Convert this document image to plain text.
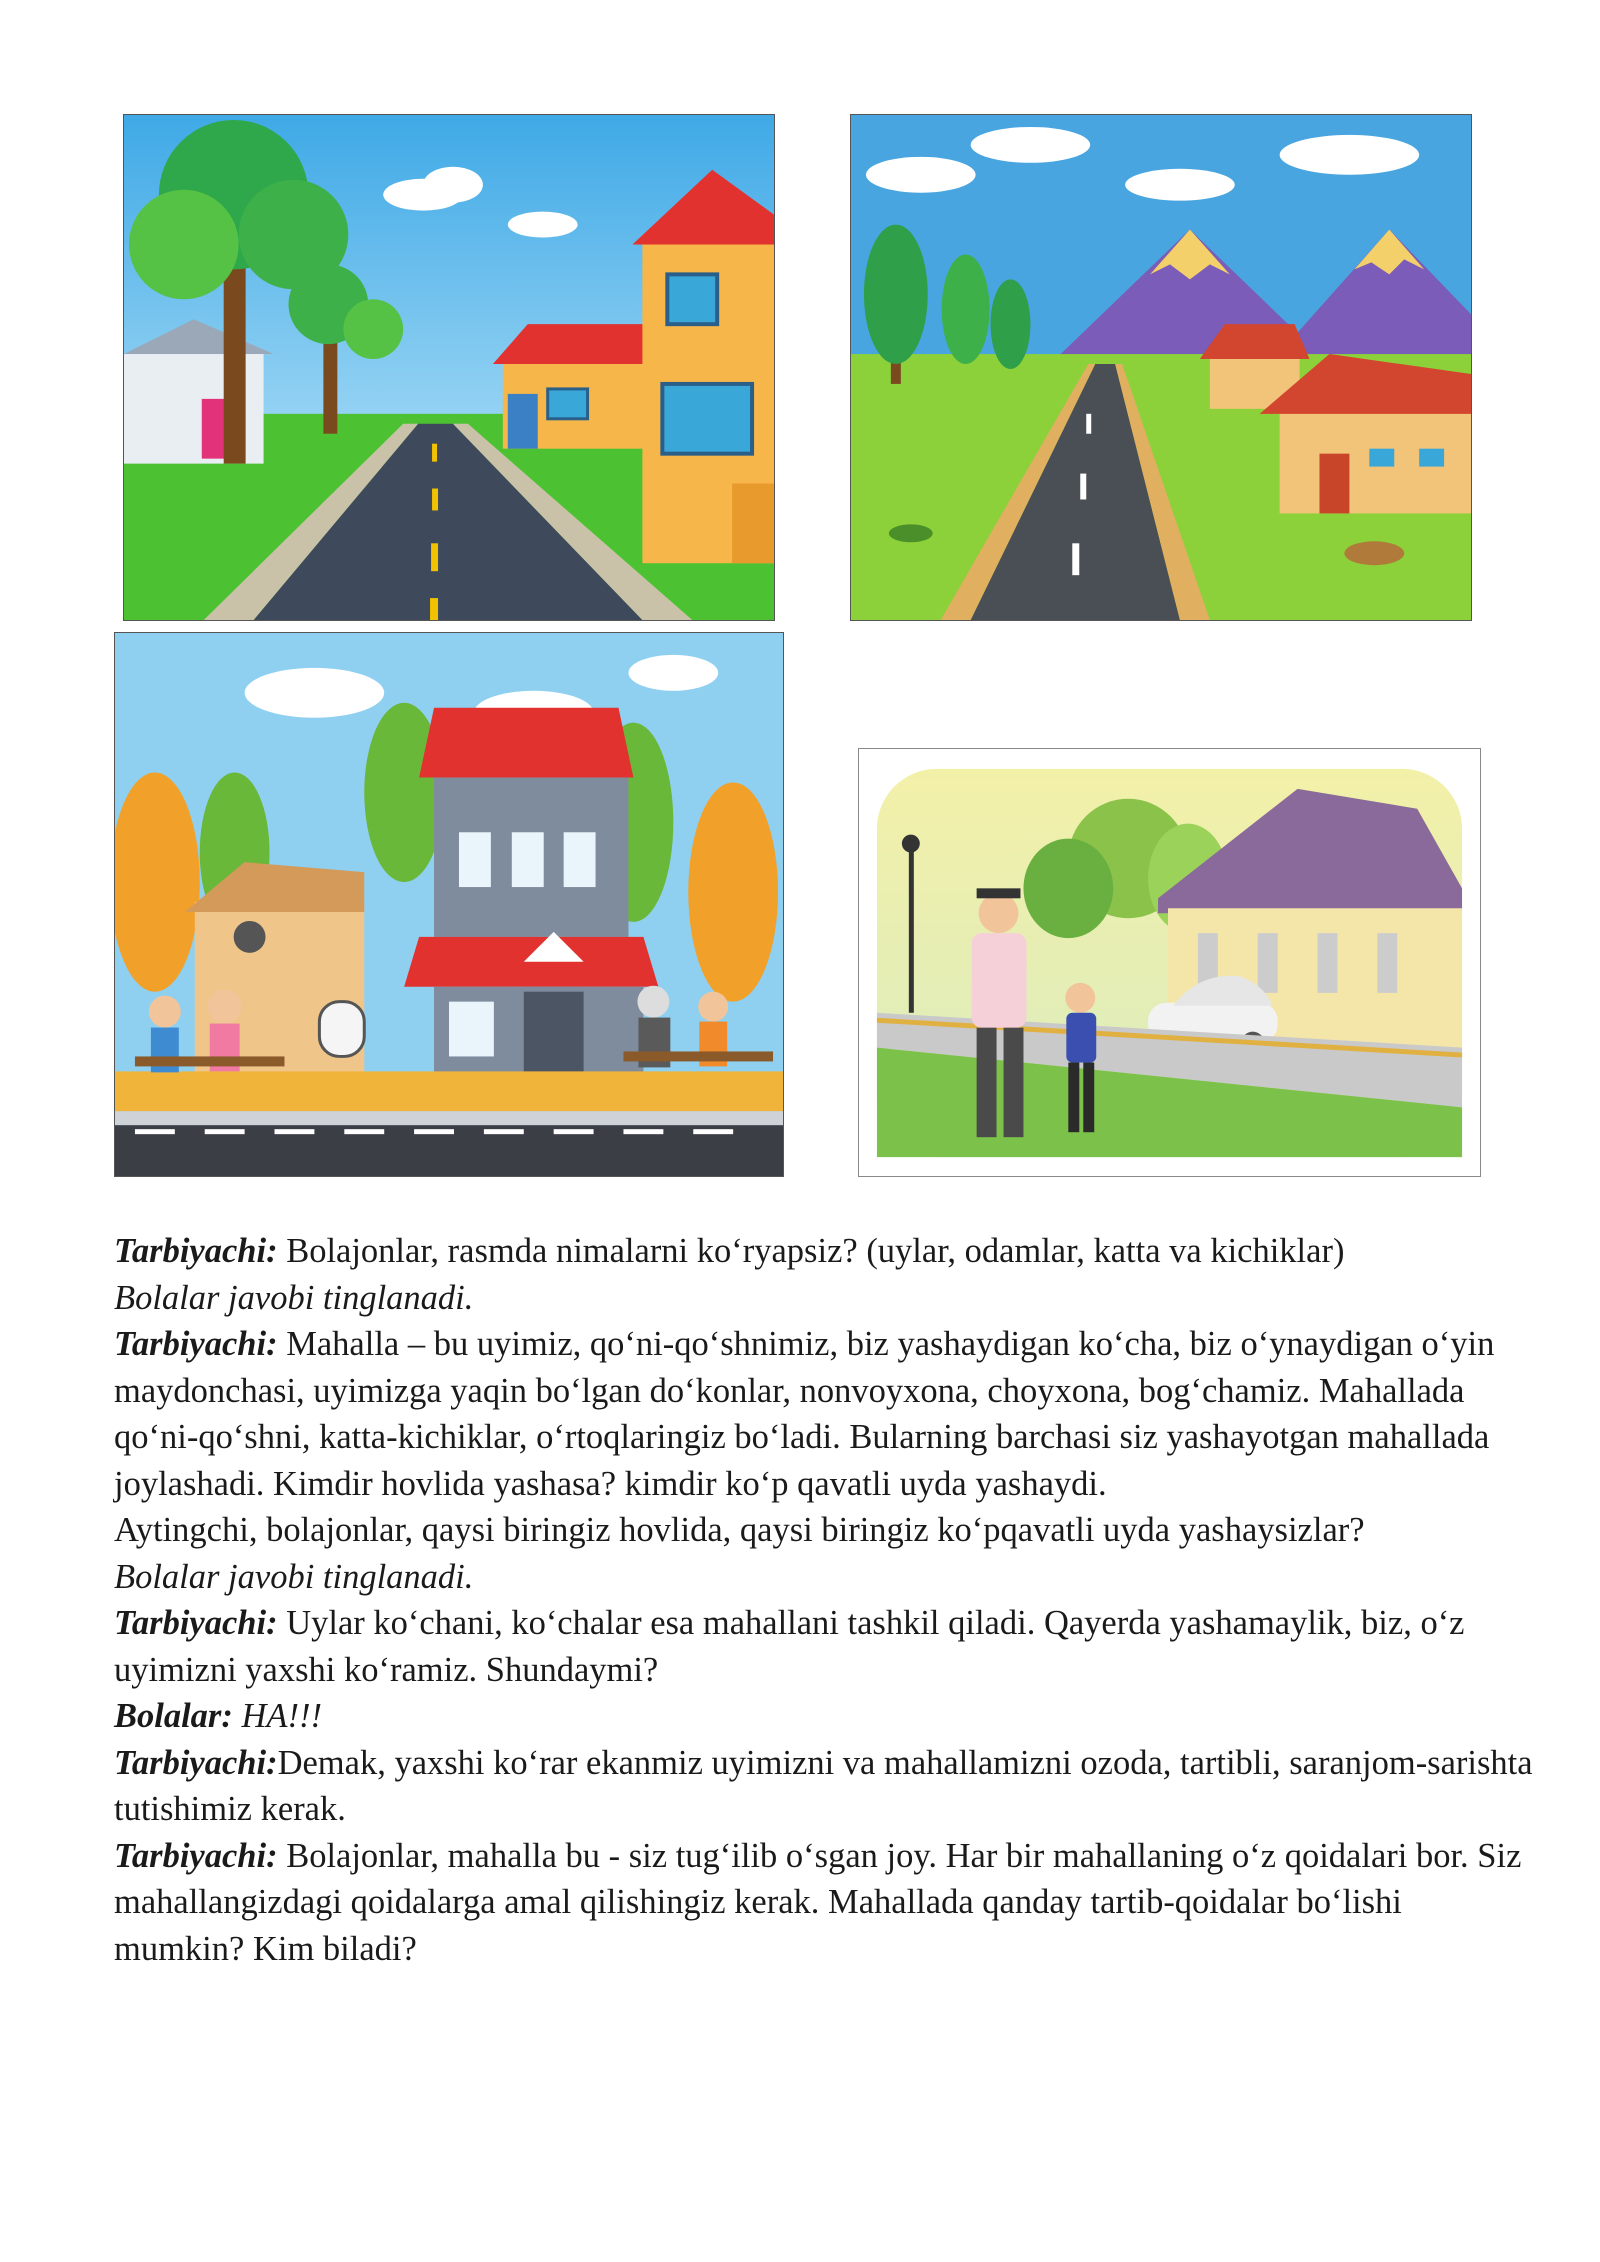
Tarbiyachi: Bolajonlar, rasmda nimalarni ko‘ryapsiz? (uylar, odamlar, katta va kichiklar)

Bolalar javobi tinglanadi.

Tarbiyachi: Mahalla – bu uyimiz, qo‘ni-qo‘shnimiz, biz yashaydigan ko‘cha, biz o‘ynaydigan o‘yin maydonchasi, uyimizga yaqin bo‘lgan do‘konlar, nonvoyxona, choyxona, bog‘chamiz. Mahallada qo‘ni-qo‘shni, katta-kichiklar, o‘rtoqlaringiz bo‘ladi. Bularning barchasi siz yashayotgan mahallada joylashadi. Kimdir hovlida yashasa? kimdir ko‘p qavatli uyda yashaydi.

Aytingchi, bolajonlar, qaysi biringiz hovlida, qaysi biringiz ko‘pqavatli uyda yashaysizlar?

Bolalar javobi tinglanadi.

Tarbiyachi: Uylar ko‘chani, ko‘chalar esa mahallani tashkil qiladi. Qayerda yashamaylik, biz, o‘z uyimizni yaxshi ko‘ramiz. Shundaymi?

Bolalar: HA!!!

Tarbiyachi:Demak, yaxshi ko‘rar ekanmiz uyimizni va mahallamizni ozoda, tartibli, saranjom-sarishta tutishimiz kerak.

Tarbiyachi: Bolajonlar, mahalla bu - siz tug‘ilib o‘sgan joy. Har bir mahallaning o‘z qoidalari bor. Siz mahallangizdagi qoidalarga amal qilishingiz kerak. Mahallada qanday tartib-qoidalar bo‘lishi mumkin? Kim biladi?
